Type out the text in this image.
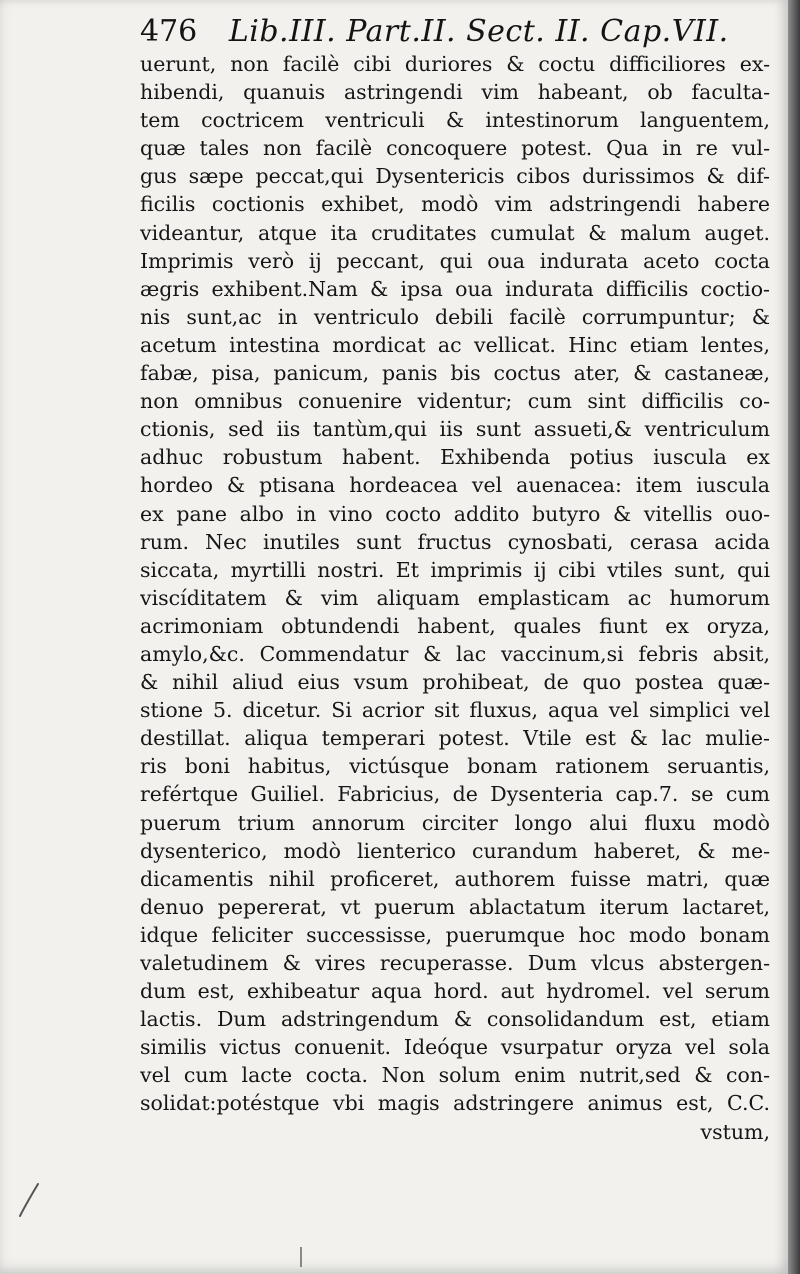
476 Lib.III. Part.II. Sect. II. Cap.VII.
uerunt, non facilè cibi duriores & coctu difficiliores ex-
hibendi, quanuis astringendi vim habeant, ob faculta-
tem coctricem ventriculi & intestinorum languentem,
quæ tales non facilè concoquere potest. Qua in re vul-
gus sæpe peccat,qui Dysentericis cibos durissimos & dif-
ficilis coctionis exhibet, modò vim adstringendi habere
videantur, atque ita cruditates cumulat & malum auget.
Imprimis verò ij peccant, qui oua indurata aceto cocta
ægris exhibent.Nam & ipsa oua indurata difficilis coctio-
nis sunt,ac in ventriculo debili facilè corrumpuntur; &
acetum intestina mordicat ac vellicat. Hinc etiam lentes,
fabæ, pisa, panicum, panis bis coctus ater, & castaneæ,
non omnibus conuenire videntur; cum sint difficilis co-
ctionis, sed iis tantùm,qui iis sunt assueti,& ventriculum
adhuc robustum habent. Exhibenda potius iuscula ex
hordeo & ptisana hordeacea vel auenacea: item iuscula
ex pane albo in vino cocto addito butyro & vitellis ouo-
rum. Nec inutiles sunt fructus cynosbati, cerasa acida
siccata, myrtilli nostri. Et imprimis ij cibi vtiles sunt, qui
viscíditatem & vim aliquam emplasticam ac humorum
acrimoniam obtundendi habent, quales fiunt ex oryza,
amylo,&c. Commendatur & lac vaccinum,si febris absit,
& nihil aliud eius vsum prohibeat, de quo postea quæ-
stione 5. dicetur. Si acrior sit fluxus, aqua vel simplici vel
destillat. aliqua temperari potest. Vtile est & lac mulie-
ris boni habitus, victúsque bonam rationem seruantis,
refértque Guiliel. Fabricius, de Dysenteria cap.7. se cum
puerum trium annorum circiter longo alui fluxu modò
dysenterico, modò lienterico curandum haberet, & me-
dicamentis nihil proficeret, authorem fuisse matri, quæ
denuo pepererat, vt puerum ablactatum iterum lactaret,
idque feliciter successisse, puerumque hoc modo bonam
valetudinem & vires recuperasse. Dum vlcus abstergen-
dum est, exhibeatur aqua hord. aut hydromel. vel serum
lactis. Dum adstringendum & consolidandum est, etiam
similis victus conuenit. Ideóque vsurpatur oryza vel sola
vel cum lacte cocta. Non solum enim nutrit,sed & con-
solidat:potéstque vbi magis adstringere animus est, C.C.
vstum,
